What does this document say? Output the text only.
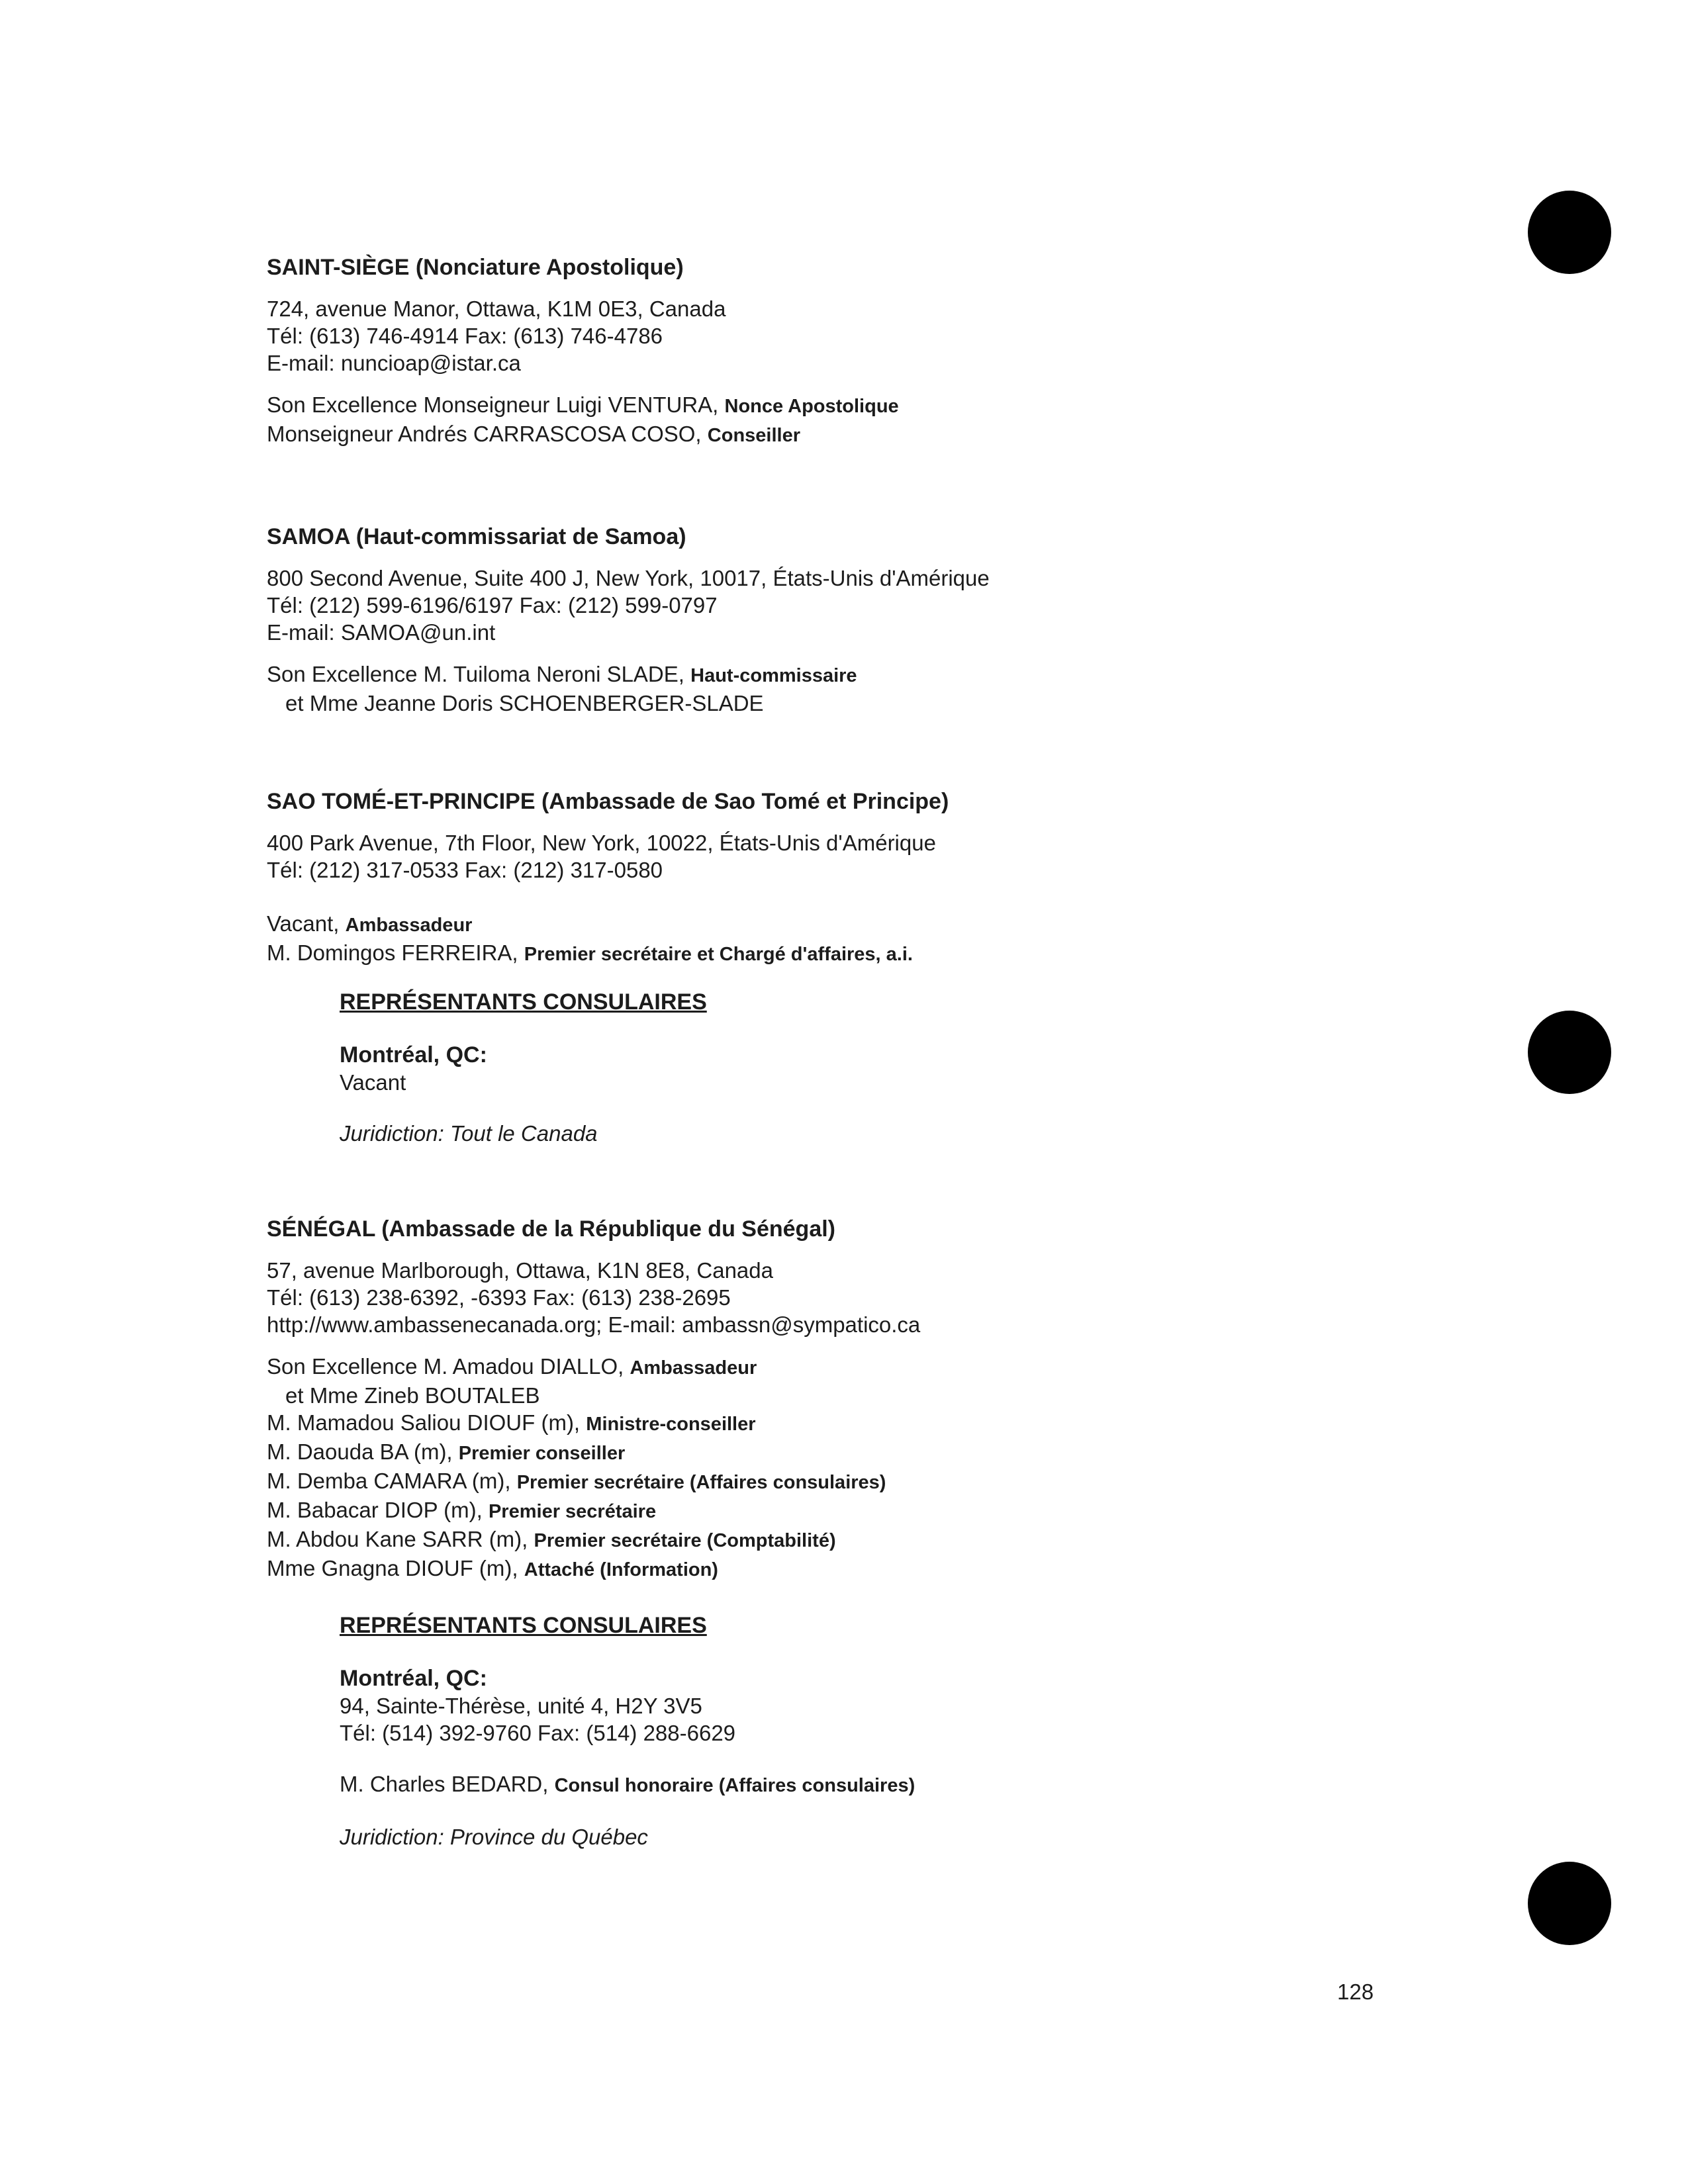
SAINT-SIÈGE (Nonciature Apostolique)
724, avenue Manor, Ottawa, K1M 0E3, Canada
Tél: (613) 746-4914 Fax: (613) 746-4786
E-mail: nuncioap@istar.ca
Son Excellence Monseigneur Luigi VENTURA, Nonce Apostolique
Monseigneur Andrés CARRASCOSA COSO, Conseiller
SAMOA (Haut-commissariat de Samoa)
800 Second Avenue, Suite 400 J, New York, 10017, États-Unis d'Amérique
Tél: (212) 599-6196/6197 Fax: (212) 599-0797
E-mail: SAMOA@un.int
Son Excellence M. Tuiloma Neroni SLADE, Haut-commissaire
et Mme Jeanne Doris SCHOENBERGER-SLADE
SAO TOMÉ-ET-PRINCIPE (Ambassade de Sao Tomé et Principe)
400 Park Avenue, 7th Floor, New York, 10022, États-Unis d'Amérique
Tél: (212) 317-0533 Fax: (212) 317-0580
Vacant, Ambassadeur
M. Domingos FERREIRA, Premier secrétaire et Chargé d'affaires, a.i.
REPRÉSENTANTS CONSULAIRES
Montréal, QC:
Vacant
Juridiction: Tout le Canada
SÉNÉGAL (Ambassade de la République du Sénégal)
57, avenue Marlborough, Ottawa, K1N 8E8, Canada
Tél: (613) 238-6392, -6393 Fax: (613) 238-2695
http://www.ambassenecanada.org; E-mail: ambassn@sympatico.ca
Son Excellence M. Amadou DIALLO, Ambassadeur
et Mme Zineb BOUTALEB
M. Mamadou Saliou DIOUF (m), Ministre-conseiller
M. Daouda BA (m), Premier conseiller
M. Demba CAMARA (m), Premier secrétaire (Affaires consulaires)
M. Babacar DIOP (m), Premier secrétaire
M. Abdou Kane SARR (m), Premier secrétaire (Comptabilité)
Mme Gnagna DIOUF (m), Attaché (Information)
REPRÉSENTANTS CONSULAIRES
Montréal, QC:
94, Sainte-Thérèse, unité 4, H2Y 3V5
Tél: (514) 392-9760 Fax: (514) 288-6629
M. Charles BEDARD, Consul honoraire (Affaires consulaires)
Juridiction: Province du Québec
128
